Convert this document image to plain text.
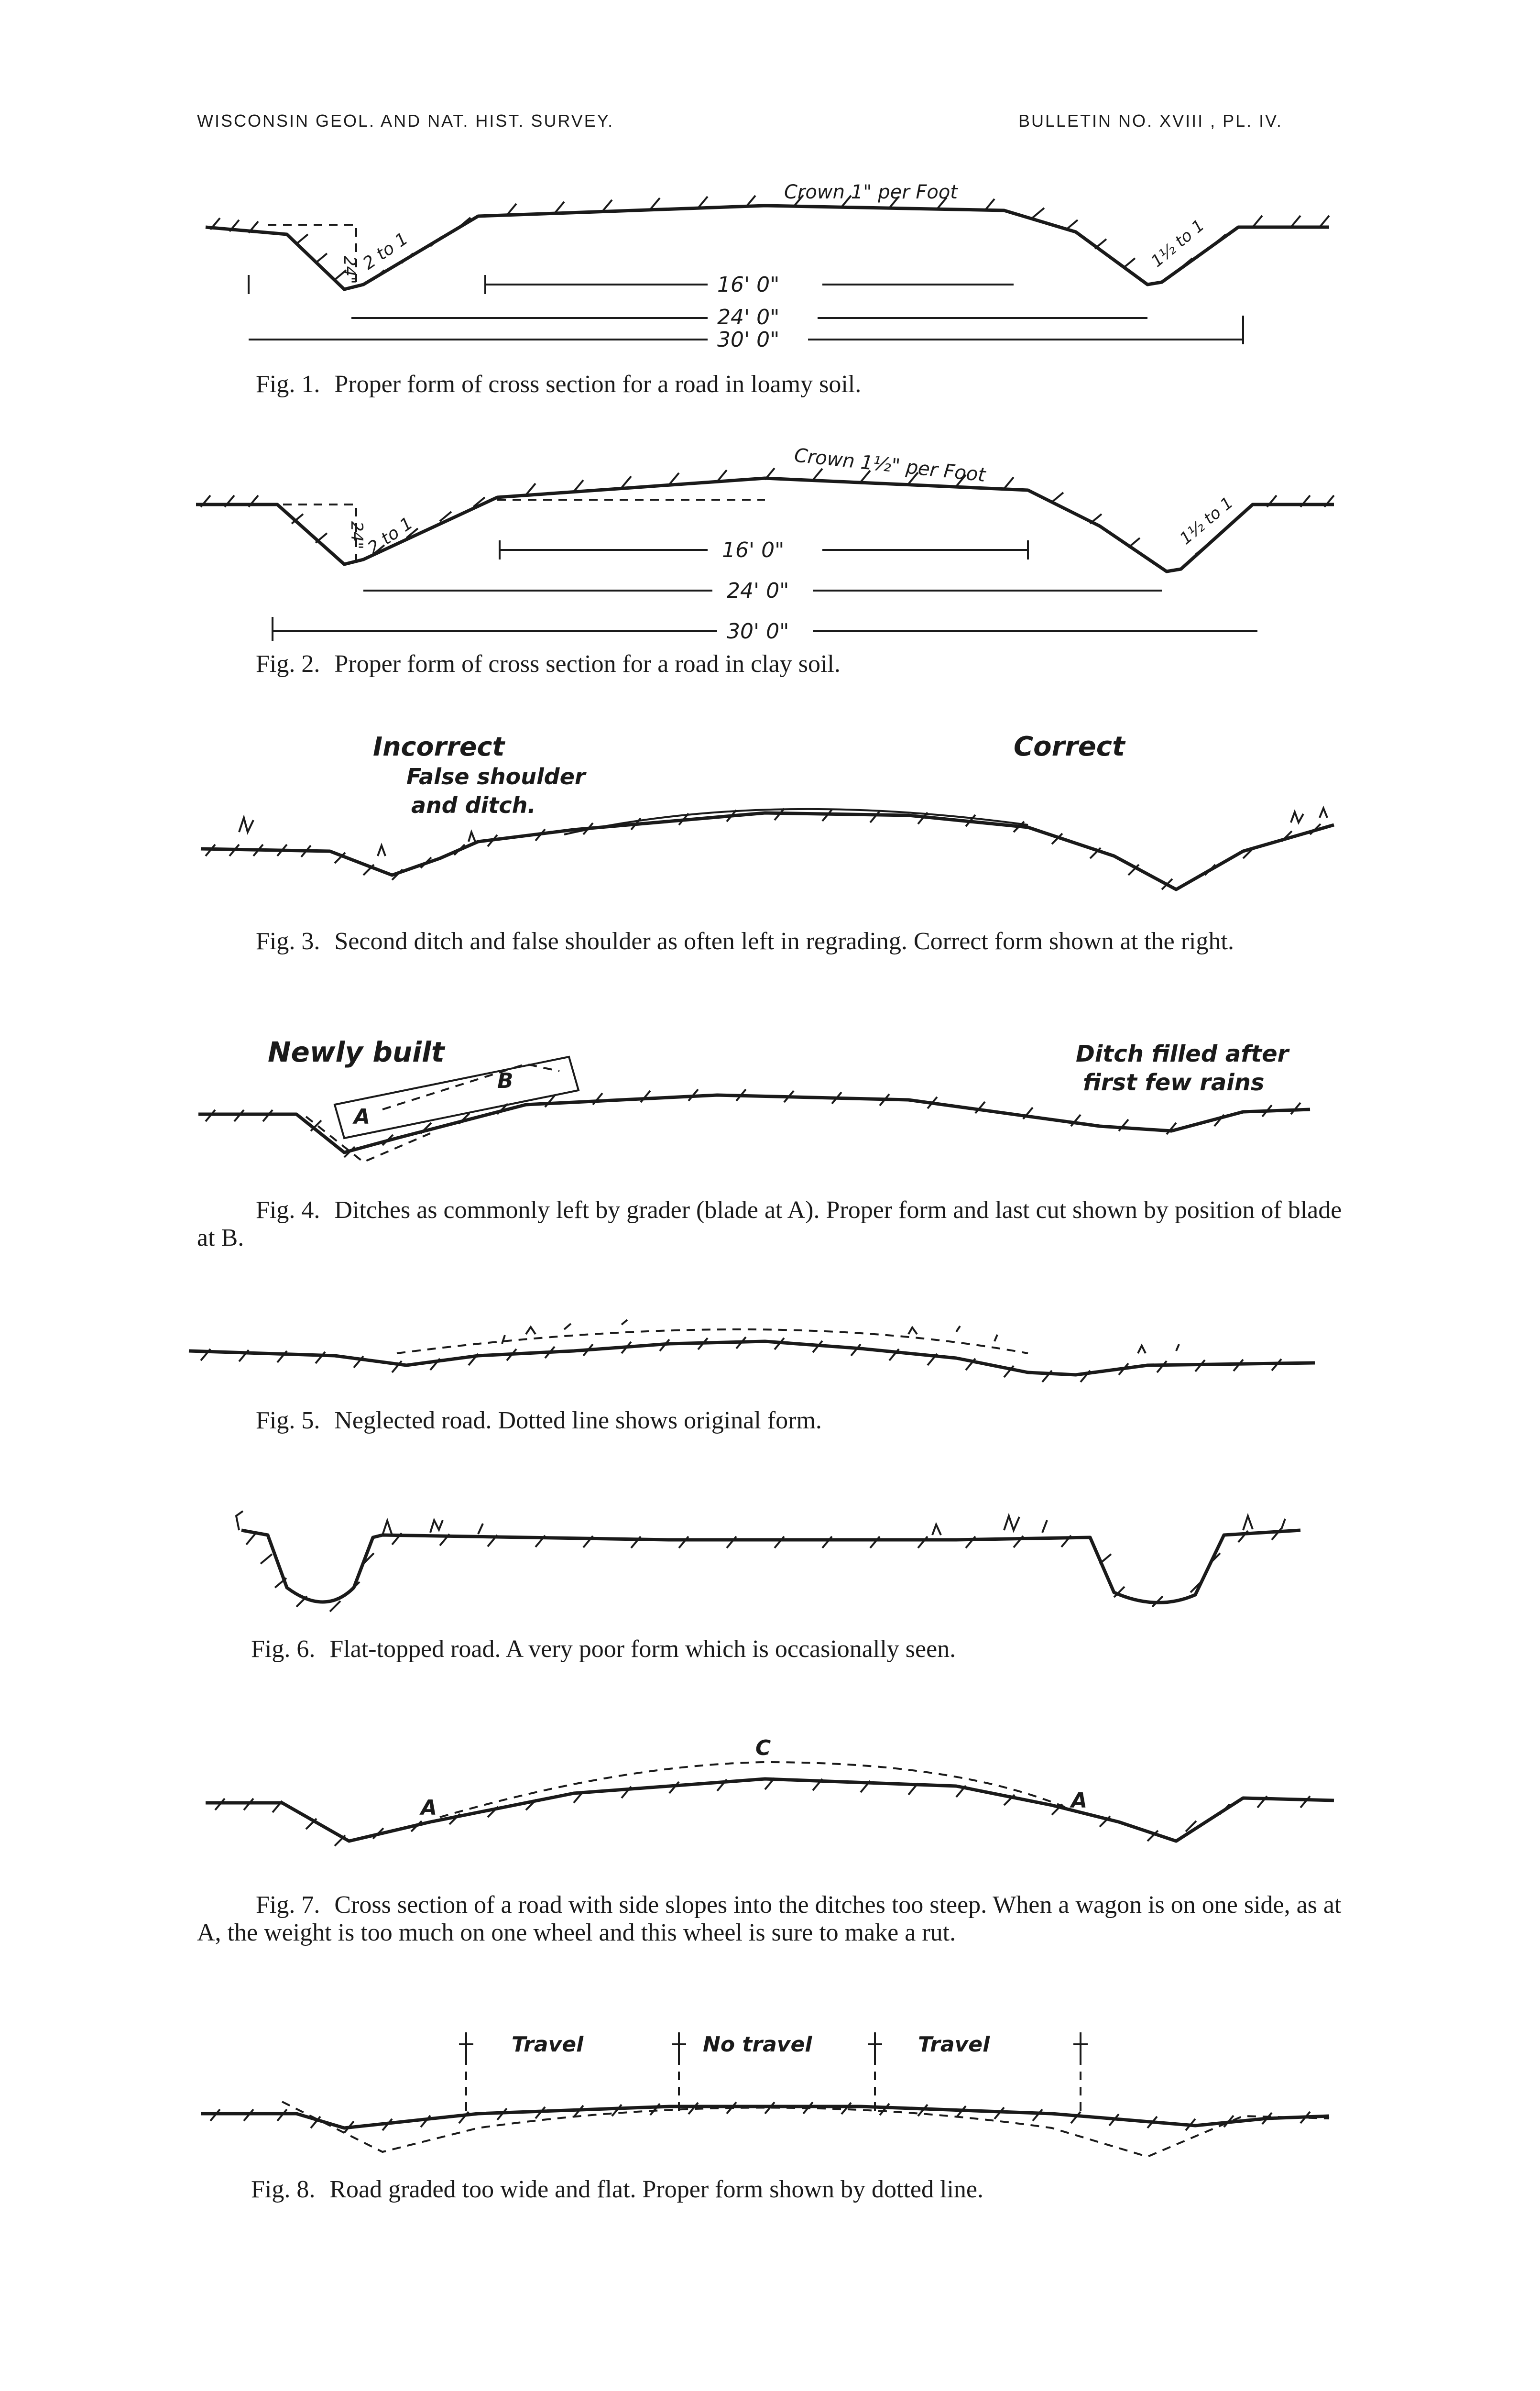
WISCONSIN GEOL. AND NAT. HIST. SURVEY.	BULLETIN NO. XVIII , PL. IV.
Crown 1" per Foot
24" 2 to 1	1½ to 1
16' 0"
24' 0"
30' 0"
Fig. 1. Proper form of cross section for a road in loamy soil.
Crown 1½" per Foot
24"
2 to 1	1½ to 1
16' 0"
24' 0"
30' 0"
Fig. 2. Proper form of cross section for a road in clay soil.
Incorrect
False shoulder
and ditch.
Correct
Fig. 3. Second ditch and false shoulder as often left in regrading. Correct form shown at the right.
Newly built	Ditch filled after
first few rains
A
B
Fig. 4. Ditches as commonly left by grader (blade at A). Proper form and last cut shown by position of blade at B.
Fig. 5. Neglected road. Dotted line shows original form.
Fig. 6. Flat-topped road. A very poor form which is occasionally seen.
C
A	A
Fig. 7. Cross section of a road with side slopes into the ditches too steep. When a wagon is on one side, as at A, the weight is too much on one wheel and this wheel is sure to make a rut.
Travel	No travel	Travel
Fig. 8. Road graded too wide and flat. Proper form shown by dotted line.
